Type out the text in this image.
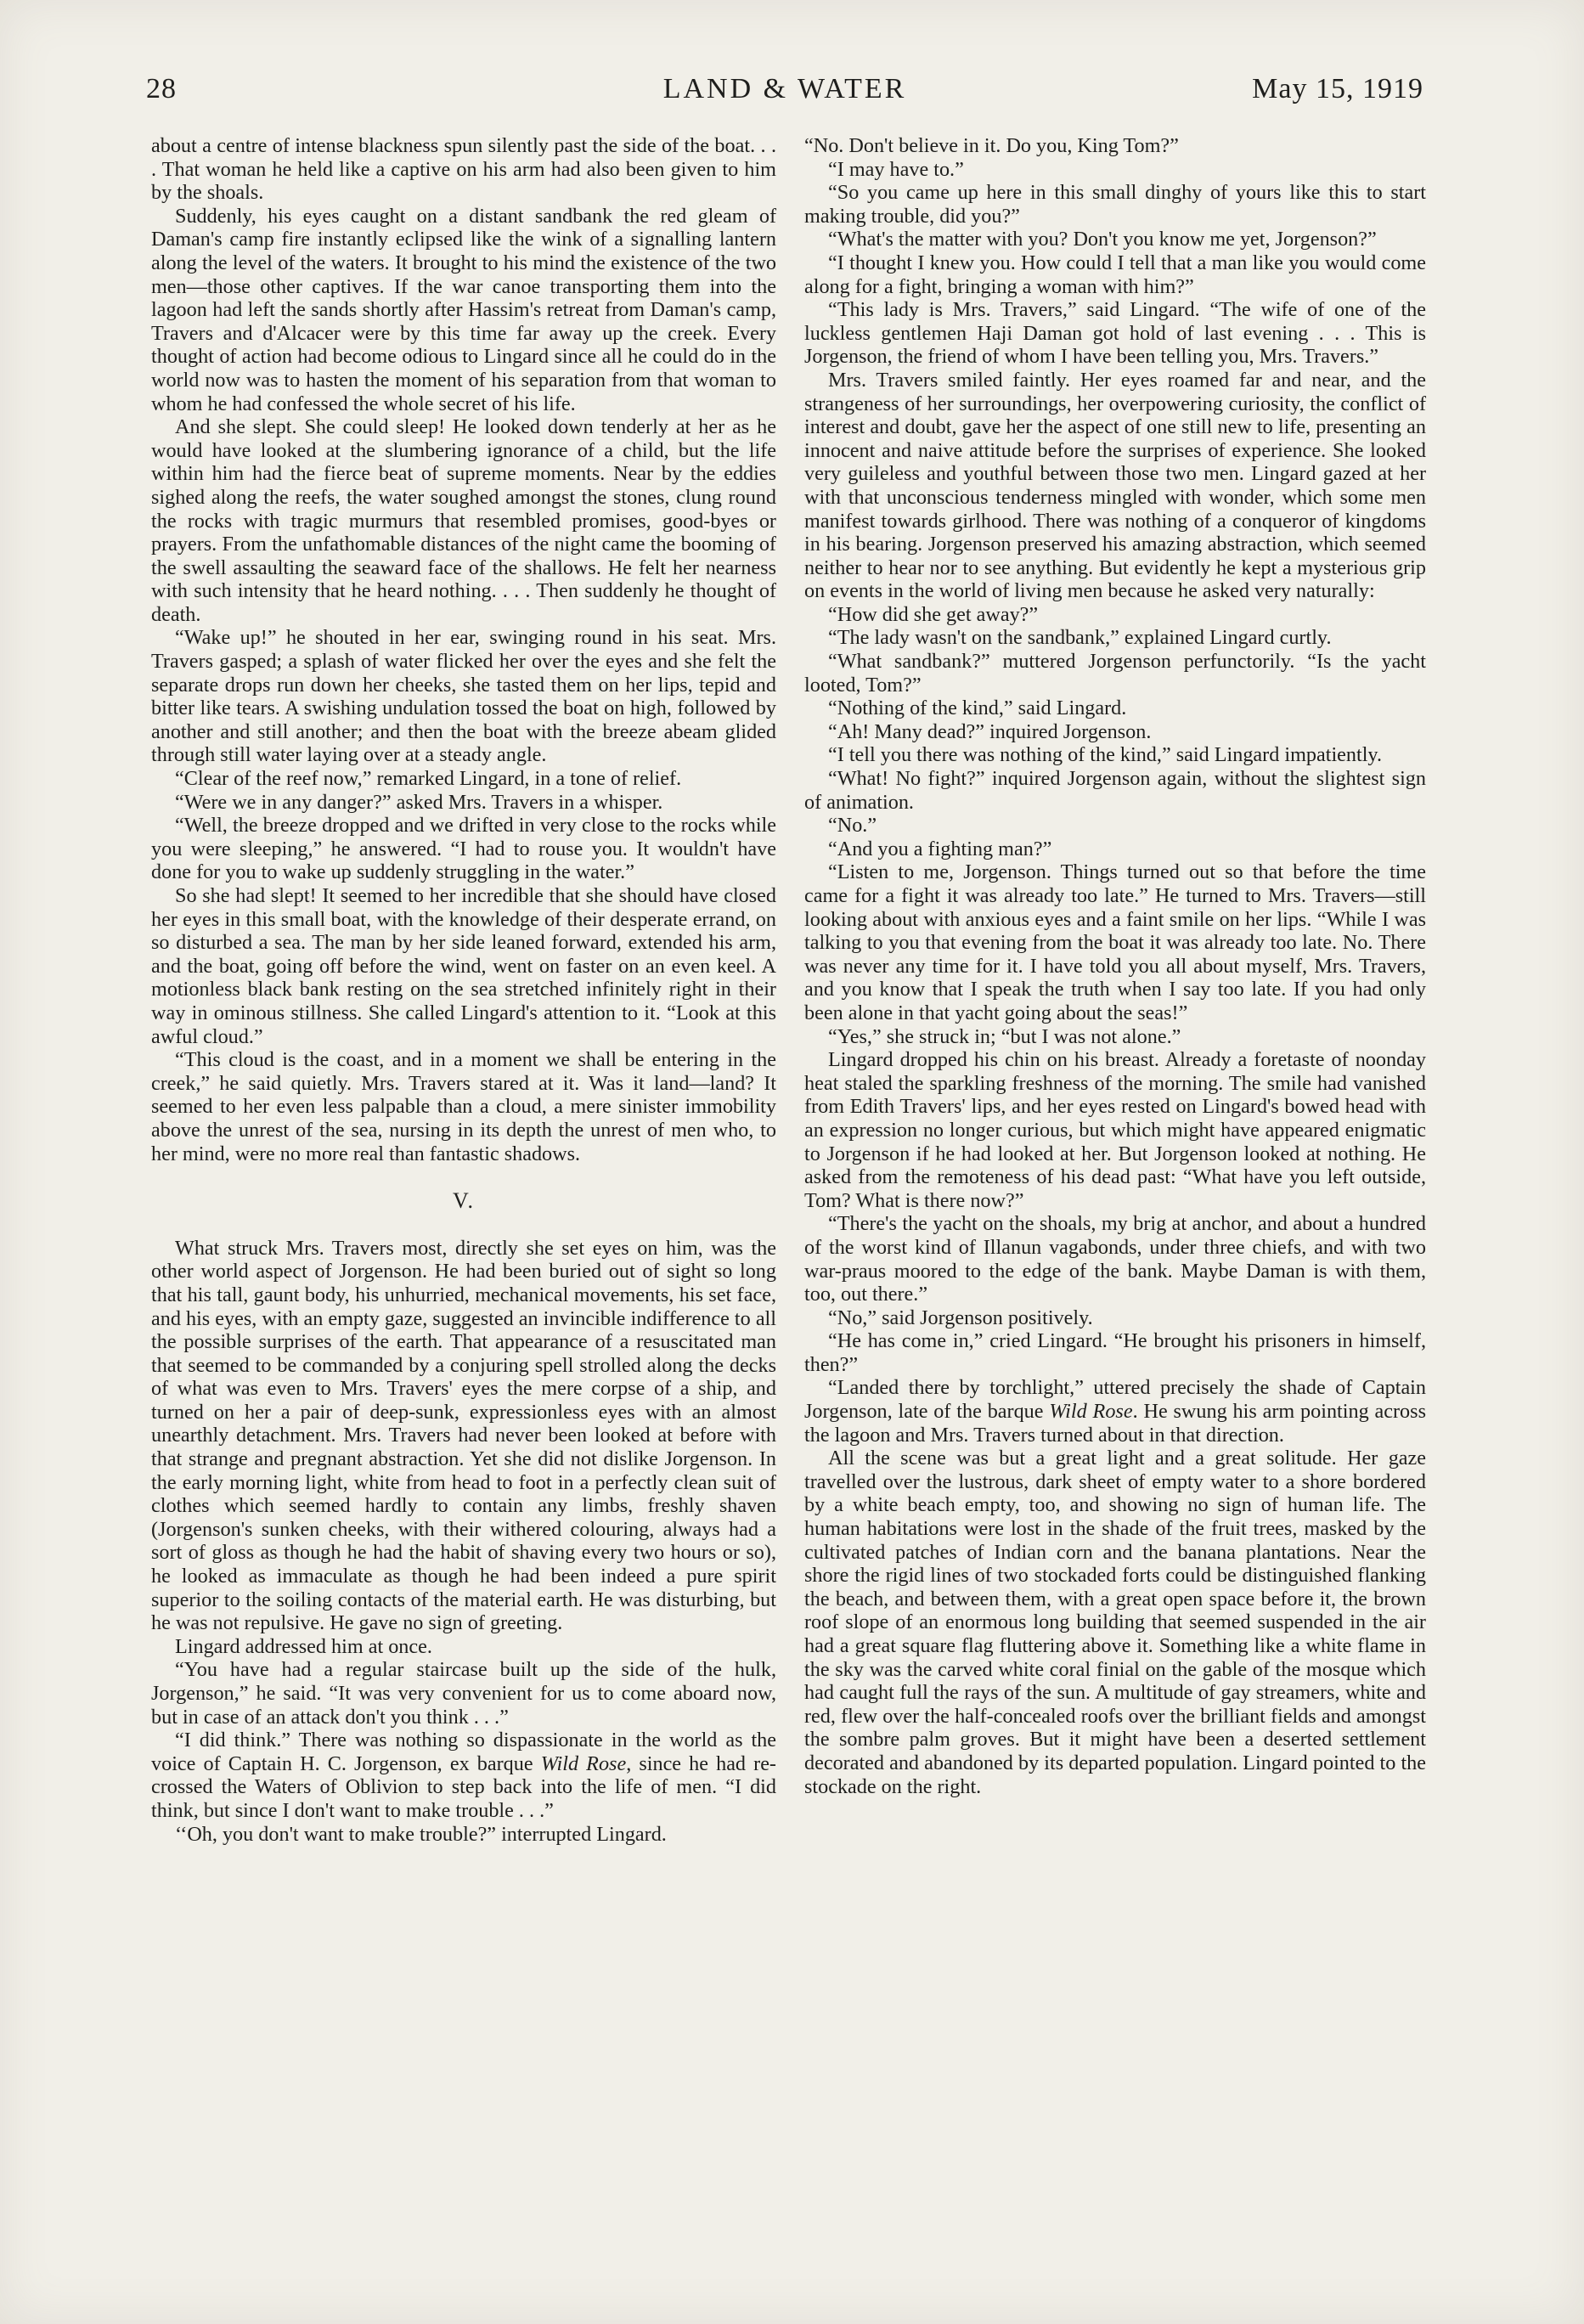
28	LAND & WATER	May 15, 1919

about a centre of intense blackness spun silently past the side of the boat. . . . That woman he held like a captive on his arm had also been given to him by the shoals.

Suddenly, his eyes caught on a distant sandbank the red gleam of Daman's camp fire instantly eclipsed like the wink of a signalling lantern along the level of the waters. It brought to his mind the existence of the two men—those other captives. If the war canoe transporting them into the lagoon had left the sands shortly after Hassim's retreat from Daman's camp, Travers and d'Alcacer were by this time far away up the creek. Every thought of action had become odious to Lingard since all he could do in the world now was to hasten the moment of his separation from that woman to whom he had confessed the whole secret of his life.

And she slept. She could sleep! He looked down tenderly at her as he would have looked at the slumbering ignorance of a child, but the life within him had the fierce beat of supreme moments. Near by the eddies sighed along the reefs, the water soughed amongst the stones, clung round the rocks with tragic murmurs that resembled promises, good-byes or prayers. From the unfathomable distances of the night came the booming of the swell assaulting the seaward face of the shallows. He felt her nearness with such intensity that he heard nothing. . . . Then suddenly he thought of death.

“Wake up!” he shouted in her ear, swinging round in his seat. Mrs. Travers gasped; a splash of water flicked her over the eyes and she felt the separate drops run down her cheeks, she tasted them on her lips, tepid and bitter like tears. A swishing undulation tossed the boat on high, followed by another and still another; and then the boat with the breeze abeam glided through still water laying over at a steady angle.

“Clear of the reef now,” remarked Lingard, in a tone of relief.

“Were we in any danger?” asked Mrs. Travers in a whisper.

“Well, the breeze dropped and we drifted in very close to the rocks while you were sleeping,” he answered. “I had to rouse you. It wouldn't have done for you to wake up suddenly struggling in the water.”

So she had slept! It seemed to her incredible that she should have closed her eyes in this small boat, with the knowledge of their desperate errand, on so disturbed a sea. The man by her side leaned forward, extended his arm, and the boat, going off before the wind, went on faster on an even keel. A motionless black bank resting on the sea stretched infinitely right in their way in ominous stillness. She called Lingard's attention to it. “Look at this awful cloud.”

“This cloud is the coast, and in a moment we shall be entering in the creek,” he said quietly. Mrs. Travers stared at it. Was it land—land? It seemed to her even less palpable than a cloud, a mere sinister immobility above the unrest of the sea, nursing in its depth the unrest of men who, to her mind, were no more real than fantastic shadows.

V.

What struck Mrs. Travers most, directly she set eyes on him, was the other world aspect of Jorgenson. He had been buried out of sight so long that his tall, gaunt body, his unhurried, mechanical movements, his set face, and his eyes, with an empty gaze, suggested an invincible indifference to all the possible surprises of the earth. That appearance of a resuscitated man that seemed to be commanded by a conjuring spell strolled along the decks of what was even to Mrs. Travers' eyes the mere corpse of a ship, and turned on her a pair of deep-sunk, expressionless eyes with an almost unearthly detachment. Mrs. Travers had never been looked at before with that strange and pregnant abstraction. Yet she did not dislike Jorgenson. In the early morning light, white from head to foot in a perfectly clean suit of clothes which seemed hardly to contain any limbs, freshly shaven (Jorgenson's sunken cheeks, with their withered colouring, always had a sort of gloss as though he had the habit of shaving every two hours or so), he looked as immaculate as though he had been indeed a pure spirit superior to the soiling contacts of the material earth. He was disturbing, but he was not repulsive. He gave no sign of greeting.

Lingard addressed him at once.

“You have had a regular staircase built up the side of the hulk, Jorgenson,” he said. “It was very convenient for us to come aboard now, but in case of an attack don't you think . . .”

“I did think.” There was nothing so dispassionate in the world as the voice of Captain H. C. Jorgenson, ex barque Wild Rose, since he had re-crossed the Waters of Oblivion to step back into the life of men. “I did think, but since I don't want to make trouble . . .”

‘‘Oh, you don't want to make trouble?” interrupted Lingard.

“No. Don't believe in it. Do you, King Tom?”

“I may have to.”

“So you came up here in this small dinghy of yours like this to start making trouble, did you?”

“What's the matter with you? Don't you know me yet, Jorgenson?”

“I thought I knew you. How could I tell that a man like you would come along for a fight, bringing a woman with him?”

“This lady is Mrs. Travers,” said Lingard. “The wife of one of the luckless gentlemen Haji Daman got hold of last evening . . . This is Jorgenson, the friend of whom I have been telling you, Mrs. Travers.”

Mrs. Travers smiled faintly. Her eyes roamed far and near, and the strangeness of her surroundings, her overpowering curiosity, the conflict of interest and doubt, gave her the aspect of one still new to life, presenting an innocent and naive attitude before the surprises of experience. She looked very guileless and youthful between those two men. Lingard gazed at her with that unconscious tenderness mingled with wonder, which some men manifest towards girlhood. There was nothing of a conqueror of kingdoms in his bearing. Jorgenson preserved his amazing abstraction, which seemed neither to hear nor to see anything. But evidently he kept a mysterious grip on events in the world of living men because he asked very naturally:

“How did she get away?”

“The lady wasn't on the sandbank,” explained Lingard curtly.

“What sandbank?” muttered Jorgenson perfunctorily. “Is the yacht looted, Tom?”

“Nothing of the kind,” said Lingard.

“Ah! Many dead?” inquired Jorgenson.

“I tell you there was nothing of the kind,” said Lingard impatiently.

“What! No fight?” inquired Jorgenson again, without the slightest sign of animation.

“No.”

“And you a fighting man?”

“Listen to me, Jorgenson. Things turned out so that before the time came for a fight it was already too late.” He turned to Mrs. Travers—still looking about with anxious eyes and a faint smile on her lips. “While I was talking to you that evening from the boat it was already too late. No. There was never any time for it. I have told you all about myself, Mrs. Travers, and you know that I speak the truth when I say too late. If you had only been alone in that yacht going about the seas!”

“Yes,” she struck in; “but I was not alone.”

Lingard dropped his chin on his breast. Already a foretaste of noonday heat staled the sparkling freshness of the morning. The smile had vanished from Edith Travers' lips, and her eyes rested on Lingard's bowed head with an expression no longer curious, but which might have appeared enigmatic to Jorgenson if he had looked at her. But Jorgenson looked at nothing. He asked from the remoteness of his dead past: “What have you left outside, Tom? What is there now?”

“There's the yacht on the shoals, my brig at anchor, and about a hundred of the worst kind of Illanun vagabonds, under three chiefs, and with two war-praus moored to the edge of the bank. Maybe Daman is with them, too, out there.”

“No,” said Jorgenson positively.

“He has come in,” cried Lingard. “He brought his prisoners in himself, then?”

“Landed there by torchlight,” uttered precisely the shade of Captain Jorgenson, late of the barque Wild Rose. He swung his arm pointing across the lagoon and Mrs. Travers turned about in that direction.

All the scene was but a great light and a great solitude. Her gaze travelled over the lustrous, dark sheet of empty water to a shore bordered by a white beach empty, too, and showing no sign of human life. The human habitations were lost in the shade of the fruit trees, masked by the cultivated patches of Indian corn and the banana plantations. Near the shore the rigid lines of two stockaded forts could be distinguished flanking the beach, and between them, with a great open space before it, the brown roof slope of an enormous long building that seemed suspended in the air had a great square flag fluttering above it. Something like a white flame in the sky was the carved white coral finial on the gable of the mosque which had caught full the rays of the sun. A multitude of gay streamers, white and red, flew over the half-concealed roofs over the brilliant fields and amongst the sombre palm groves. But it might have been a deserted settlement decorated and abandoned by its departed population. Lingard pointed to the stockade on the right.
